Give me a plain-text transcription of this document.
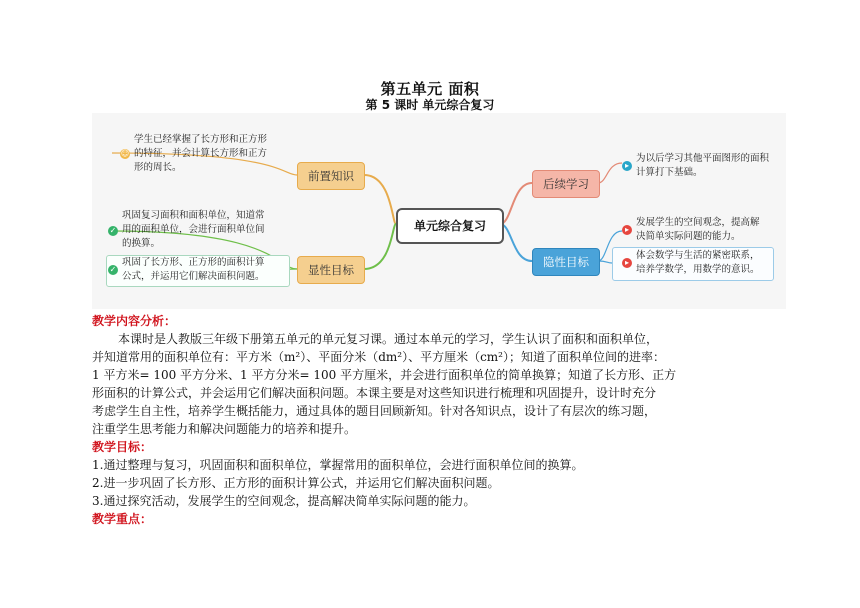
第五单元 面积
第 5 课时 单元综合复习
单元综合复习
前置知识
显性目标
后续学习
隐性目标
☺
学生已经掌握了长方形和正方形
的特征，并会计算长方形和正方
形的周长。
✓
巩固复习面积和面积单位，知道常
用的面积单位，会进行面积单位间
的换算。
✓
巩固了长方形、正方形的面积计算
公式，并运用它们解决面积问题。
▸
为以后学习其他平面图形的面积
计算打下基础。
▸
发展学生的空间观念，提高解
决简单实际问题的能力。
▸
体会数学与生活的紧密联系，
培养学数学，用数学的意识。
教学内容分析：
本课时是人教版三年级下册第五单元的单元复习课。通过本单元的学习，学生认识了面积和面积单位，
并知道常用的面积单位有：平方米（m²）、平面分米（dm²）、平方厘米（cm²）；知道了面积单位间的进率：
1 平方米= 100 平方分米、1 平方分米= 100 平方厘米，并会进行面积单位的简单换算；知道了长方形、正方
形面积的计算公式，并会运用它们解决面积问题。本课主要是对这些知识进行梳理和巩固提升，设计时充分
考虑学生自主性，培养学生概括能力，通过具体的题目回顾新知。针对各知识点，设计了有层次的练习题，
注重学生思考能力和解决问题能力的培养和提升。
教学目标：
1.通过整理与复习，巩固面积和面积单位，掌握常用的面积单位，会进行面积单位间的换算。
2.进一步巩固了长方形、正方形的面积计算公式，并运用它们解决面积问题。
3.通过探究活动，发展学生的空间观念，提高解决简单实际问题的能力。
教学重点：
